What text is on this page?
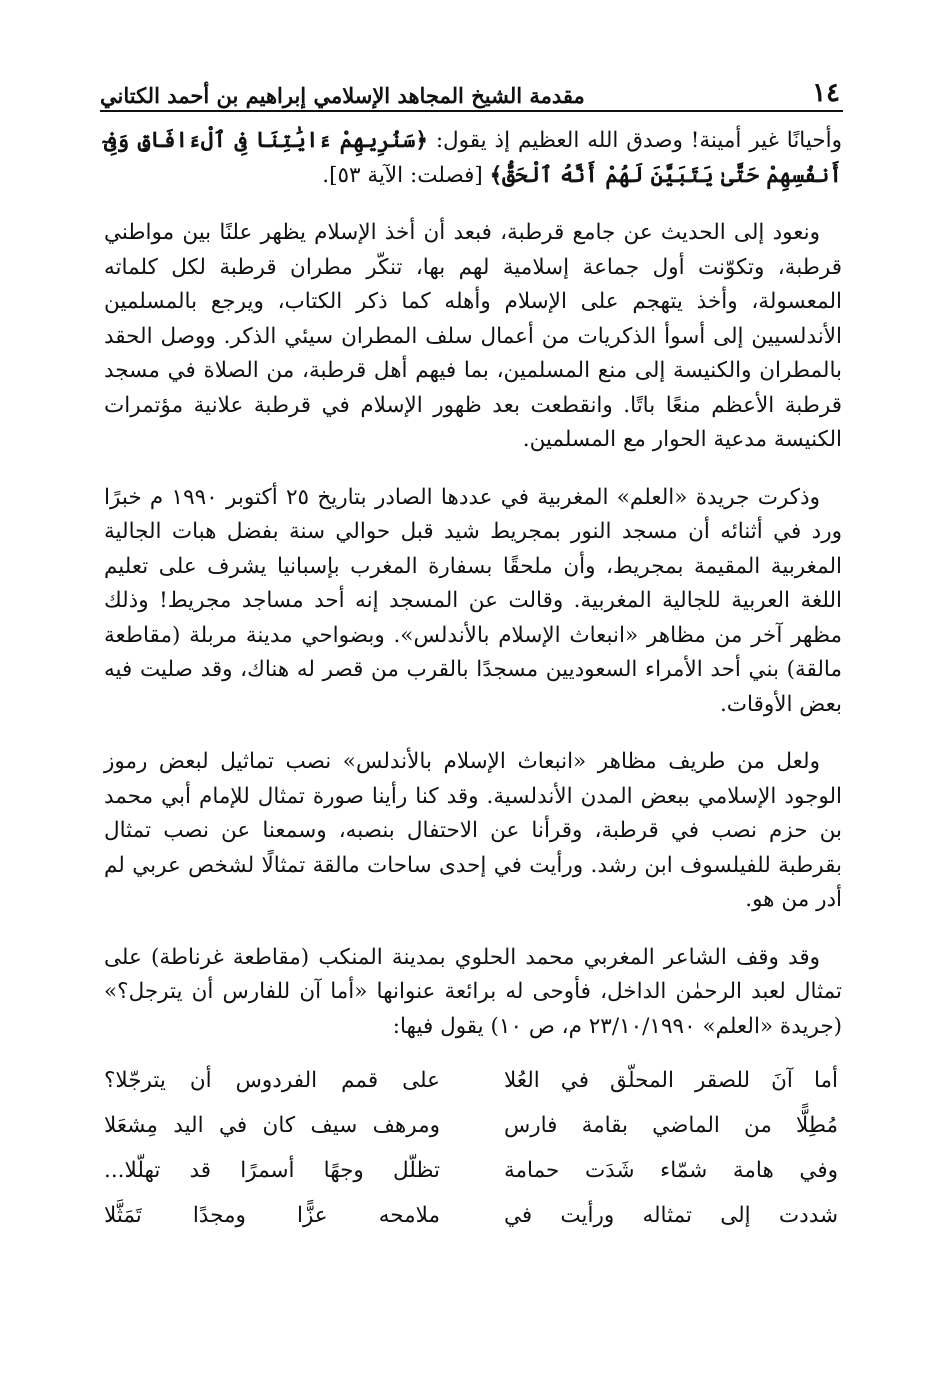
١٤
مقدمة الشيخ المجاهد الإسلامي إبراهيم بن أحمد الكتاني

وأحيانًا غير أمينة! وصدق الله العظيم إذ يقول: ﴿سَنُرِيهِمْ ءَايَٰتِنَا فِى ٱلْءَافَاقِ وَفِىٓ أَنفُسِهِمْ حَتَّىٰ يَتَبَيَّنَ لَهُمْ أَنَّهُ ٱلْحَقُّ﴾ [فصلت: الآية ٥٣].

ونعود إلى الحديث عن جامع قرطبة، فبعد أن أخذ الإسلام يظهر علنًا بين مواطني قرطبة، وتكوّنت أول جماعة إسلامية لهم بها، تنكّر مطران قرطبة لكل كلماته المعسولة، وأخذ يتهجم على الإسلام وأهله كما ذكر الكتاب، ويرجع بالمسلمين الأندلسيين إلى أسوأ الذكريات من أعمال سلف المطران سيئي الذكر. ووصل الحقد بالمطران والكنيسة إلى منع المسلمين، بما فيهم أهل قرطبة، من الصلاة في مسجد قرطبة الأعظم منعًا باتًا. وانقطعت بعد ظهور الإسلام في قرطبة علانية مؤتمرات الكنيسة مدعية الحوار مع المسلمين.

وذكرت جريدة «العلم» المغربية في عددها الصادر بتاريخ ٢٥ أكتوبر ١٩٩٠ م خبرًا ورد في أثنائه أن مسجد النور بمجريط شيد قبل حوالي سنة بفضل هبات الجالية المغربية المقيمة بمجريط، وأن ملحقًا بسفارة المغرب بإسبانيا يشرف على تعليم اللغة العربية للجالية المغربية. وقالت عن المسجد إنه أحد مساجد مجريط! وذلك مظهر آخر من مظاهر «انبعاث الإسلام بالأندلس». وبضواحي مدينة مربلة (مقاطعة مالقة) بني أحد الأمراء السعوديين مسجدًا بالقرب من قصر له هناك، وقد صليت فيه بعض الأوقات.

ولعل من طريف مظاهر «انبعاث الإسلام بالأندلس» نصب تماثيل لبعض رموز الوجود الإسلامي ببعض المدن الأندلسية. وقد كنا رأينا صورة تمثال للإمام أبي محمد بن حزم نصب في قرطبة، وقرأنا عن الاحتفال بنصبه، وسمعنا عن نصب تمثال بقرطبة للفيلسوف ابن رشد. ورأيت في إحدى ساحات مالقة تمثالًا لشخص عربي لم أدر من هو.

وقد وقف الشاعر المغربي محمد الحلوي بمدينة المنكب (مقاطعة غرناطة) على تمثال لعبد الرحمٰن الداخل، فأوحى له برائعة عنوانها «أما آن للفارس أن يترجل؟» (جريدة «العلم» ٢٣/١٠/١٩٩٠ م، ص ١٠) يقول فيها:

أما آنَ للصقر المحلّق في العُلا
على قمم الفردوس أن يترجّلا؟
مُطِلًّا من الماضي بقامة فارس
ومرهف سيف كان في اليد مِشعَلا
وفي هامة شمّاء شَدَت حمامة
تظلّل وجهًا أسمرًا قد تهلّلا...
شددت إلى تمثاله ورأيت في
ملامحه عزًّا ومجدًا تَمَثَّلا
